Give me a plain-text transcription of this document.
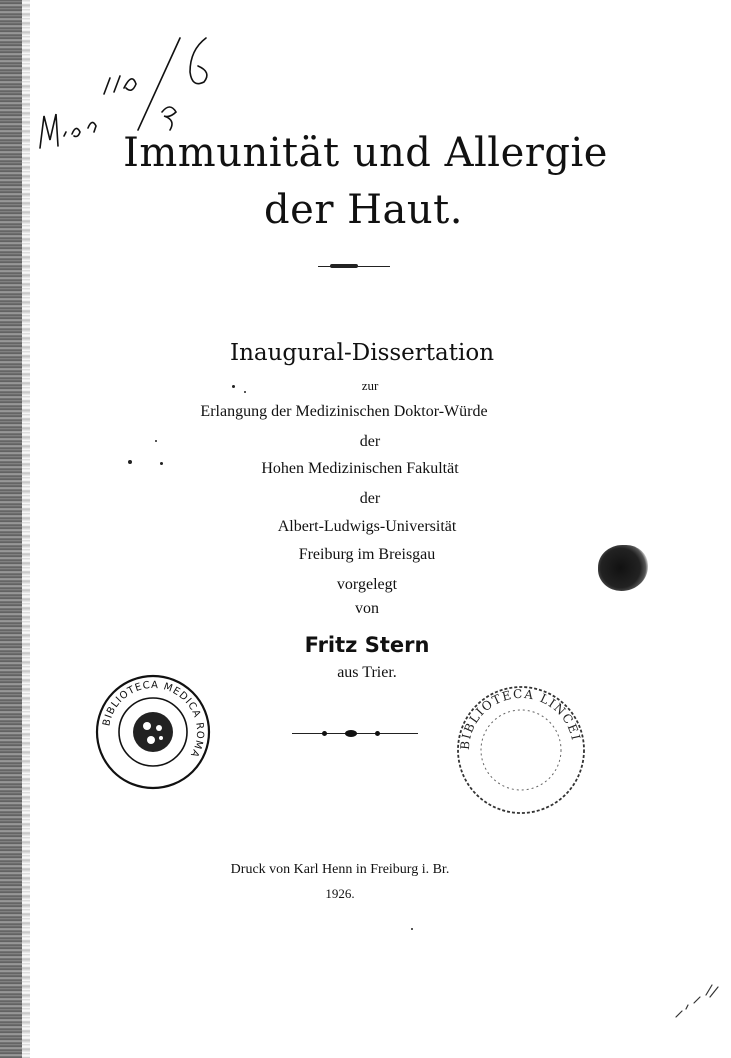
Immunität und Allergie
der Haut.
Inaugural-Dissertation
zur
Erlangung der Medizinischen Doktor-Würde
der
Hohen Medizinischen Fakultät
der
Albert-Ludwigs-Universität
Freiburg im Breisgau
vorgelegt
von
Fritz Stern
aus Trier.
BIBLIOTECA MEDICA ROMA
BIBLIOTECA LINCEI
Druck von Karl Henn in Freiburg i. Br.
1926.
